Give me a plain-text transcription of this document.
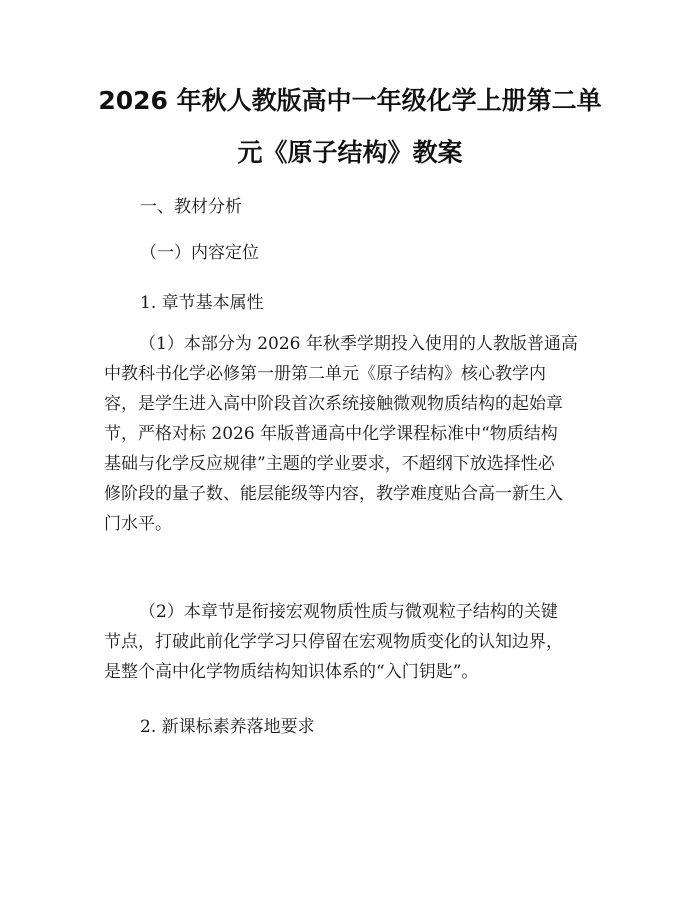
2026 年秋人教版高中一年级化学上册第二单
元《原子结构》教案
一、教材分析
（一）内容定位
1. 章节基本属性
（1）本部分为 2026 年秋季学期投入使用的人教版普通高
中教科书化学必修第一册第二单元《原子结构》核心教学内
容，是学生进入高中阶段首次系统接触微观物质结构的起始章
节，严格对标 2026 年版普通高中化学课程标准中“物质结构
基础与化学反应规律”主题的学业要求，不超纲下放选择性必
修阶段的量子数、能层能级等内容，教学难度贴合高一新生入
门水平。
（2）本章节是衔接宏观物质性质与微观粒子结构的关键
节点，打破此前化学学习只停留在宏观物质变化的认知边界，
是整个高中化学物质结构知识体系的“入门钥匙”。
2. 新课标素养落地要求
